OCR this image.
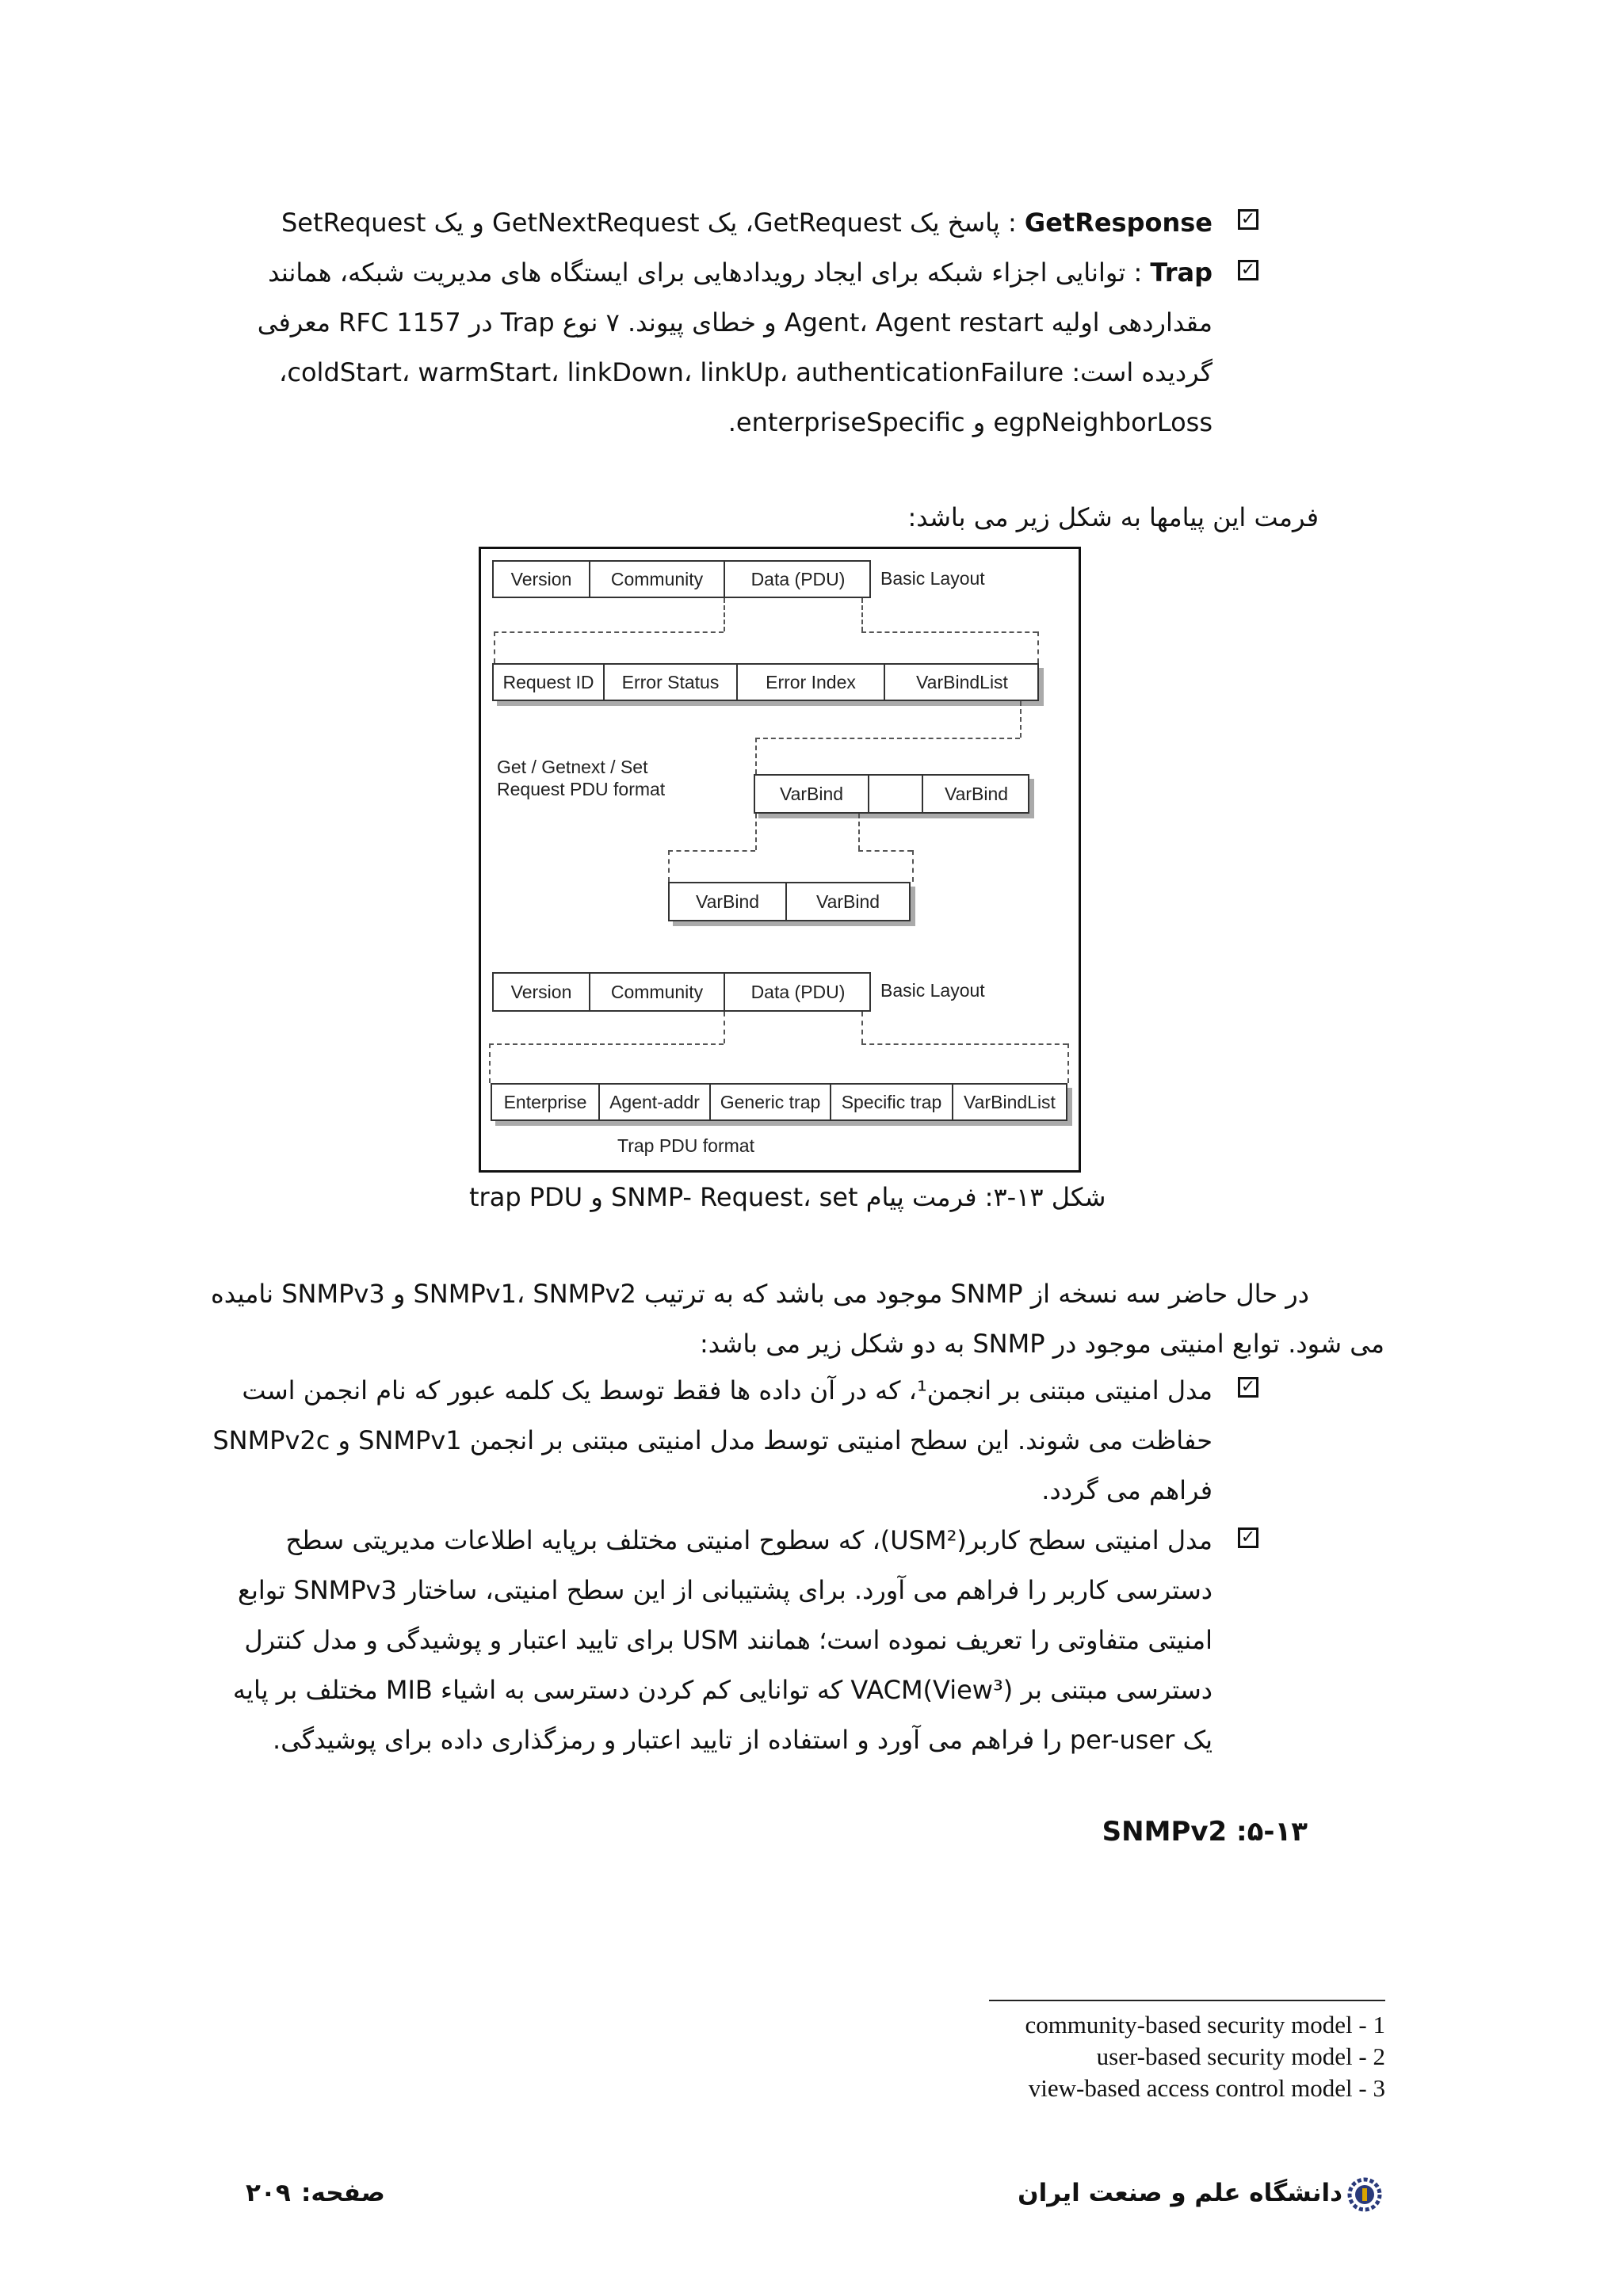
✓
GetResponse : پاسخ یک GetRequest، یک GetNextRequest و یک SetRequest
✓
Trap : توانایی اجزاء شبکه برای ایجاد رویدادهایی برای ایستگاه های مدیریت شبکه، همانند
مقداردهی اولیه Agent، Agent restart و خطای پیوند. ۷ نوع Trap در RFC 1157 معرفی
گردیده است: coldStart، warmStart، linkDown، linkUp، authenticationFailure،
egpNeighborLoss و enterpriseSpecific.
فرمت این پیامها به شکل زیر می باشد:
Version	Community	Data (PDU)	Basic Layout
Request ID	Error Status	Error Index	VarBindList
Get / Getnext / Set
Request PDU format	VarBind	VarBind
VarBind	VarBind
Version	Community	Data (PDU)	Basic Layout
Enterprise	Agent-addr	Generic trap	Specific trap	VarBindList
Trap PDU format
شکل ۱۳-۳: فرمت پیام SNMP- Request، set و trap PDU
در حال حاضر سه نسخه از SNMP موجود می باشد که به ترتیب SNMPv1، SNMPv2 و SNMPv3 نامیده
می شود. توابع امنیتی موجود در SNMP به دو شکل زیر می باشد:
✓
مدل امنیتی مبتنی بر انجمن¹، که در آن داده ها فقط توسط یک کلمه عبور که نام انجمن است
حفاظت می شوند. این سطح امنیتی توسط مدل امنیتی مبتنی بر انجمن SNMPv1 و SNMPv2c
فراهم می گردد.
✓
مدل امنیتی سطح کاربر(USM²)، که سطوح امنیتی مختلف برپایه اطلاعات مدیریتی سطح
دسترسی کاربر را فراهم می آورد. برای پشتیبانی از این سطح امنیتی، ساختار SNMPv3 توابع
امنیتی متفاوتی را تعریف نموده است؛ همانند USM برای تایید اعتبار و پوشیدگی و مدل کنترل
دسترسی مبتنی بر VACM(View³) که توانایی کم کردن دسترسی به اشیاء MIB مختلف بر پایه
یک per-user را فراهم می آورد و استفاده از تایید اعتبار و رمزگذاری داده برای پوشیدگی.
۵-۱۳: SNMPv2
community-based security model - 1
user-based security model - 2
view-based access control model - 3
دانشگاه علم و صنعت ایران
صفحه:
۲۰۹
